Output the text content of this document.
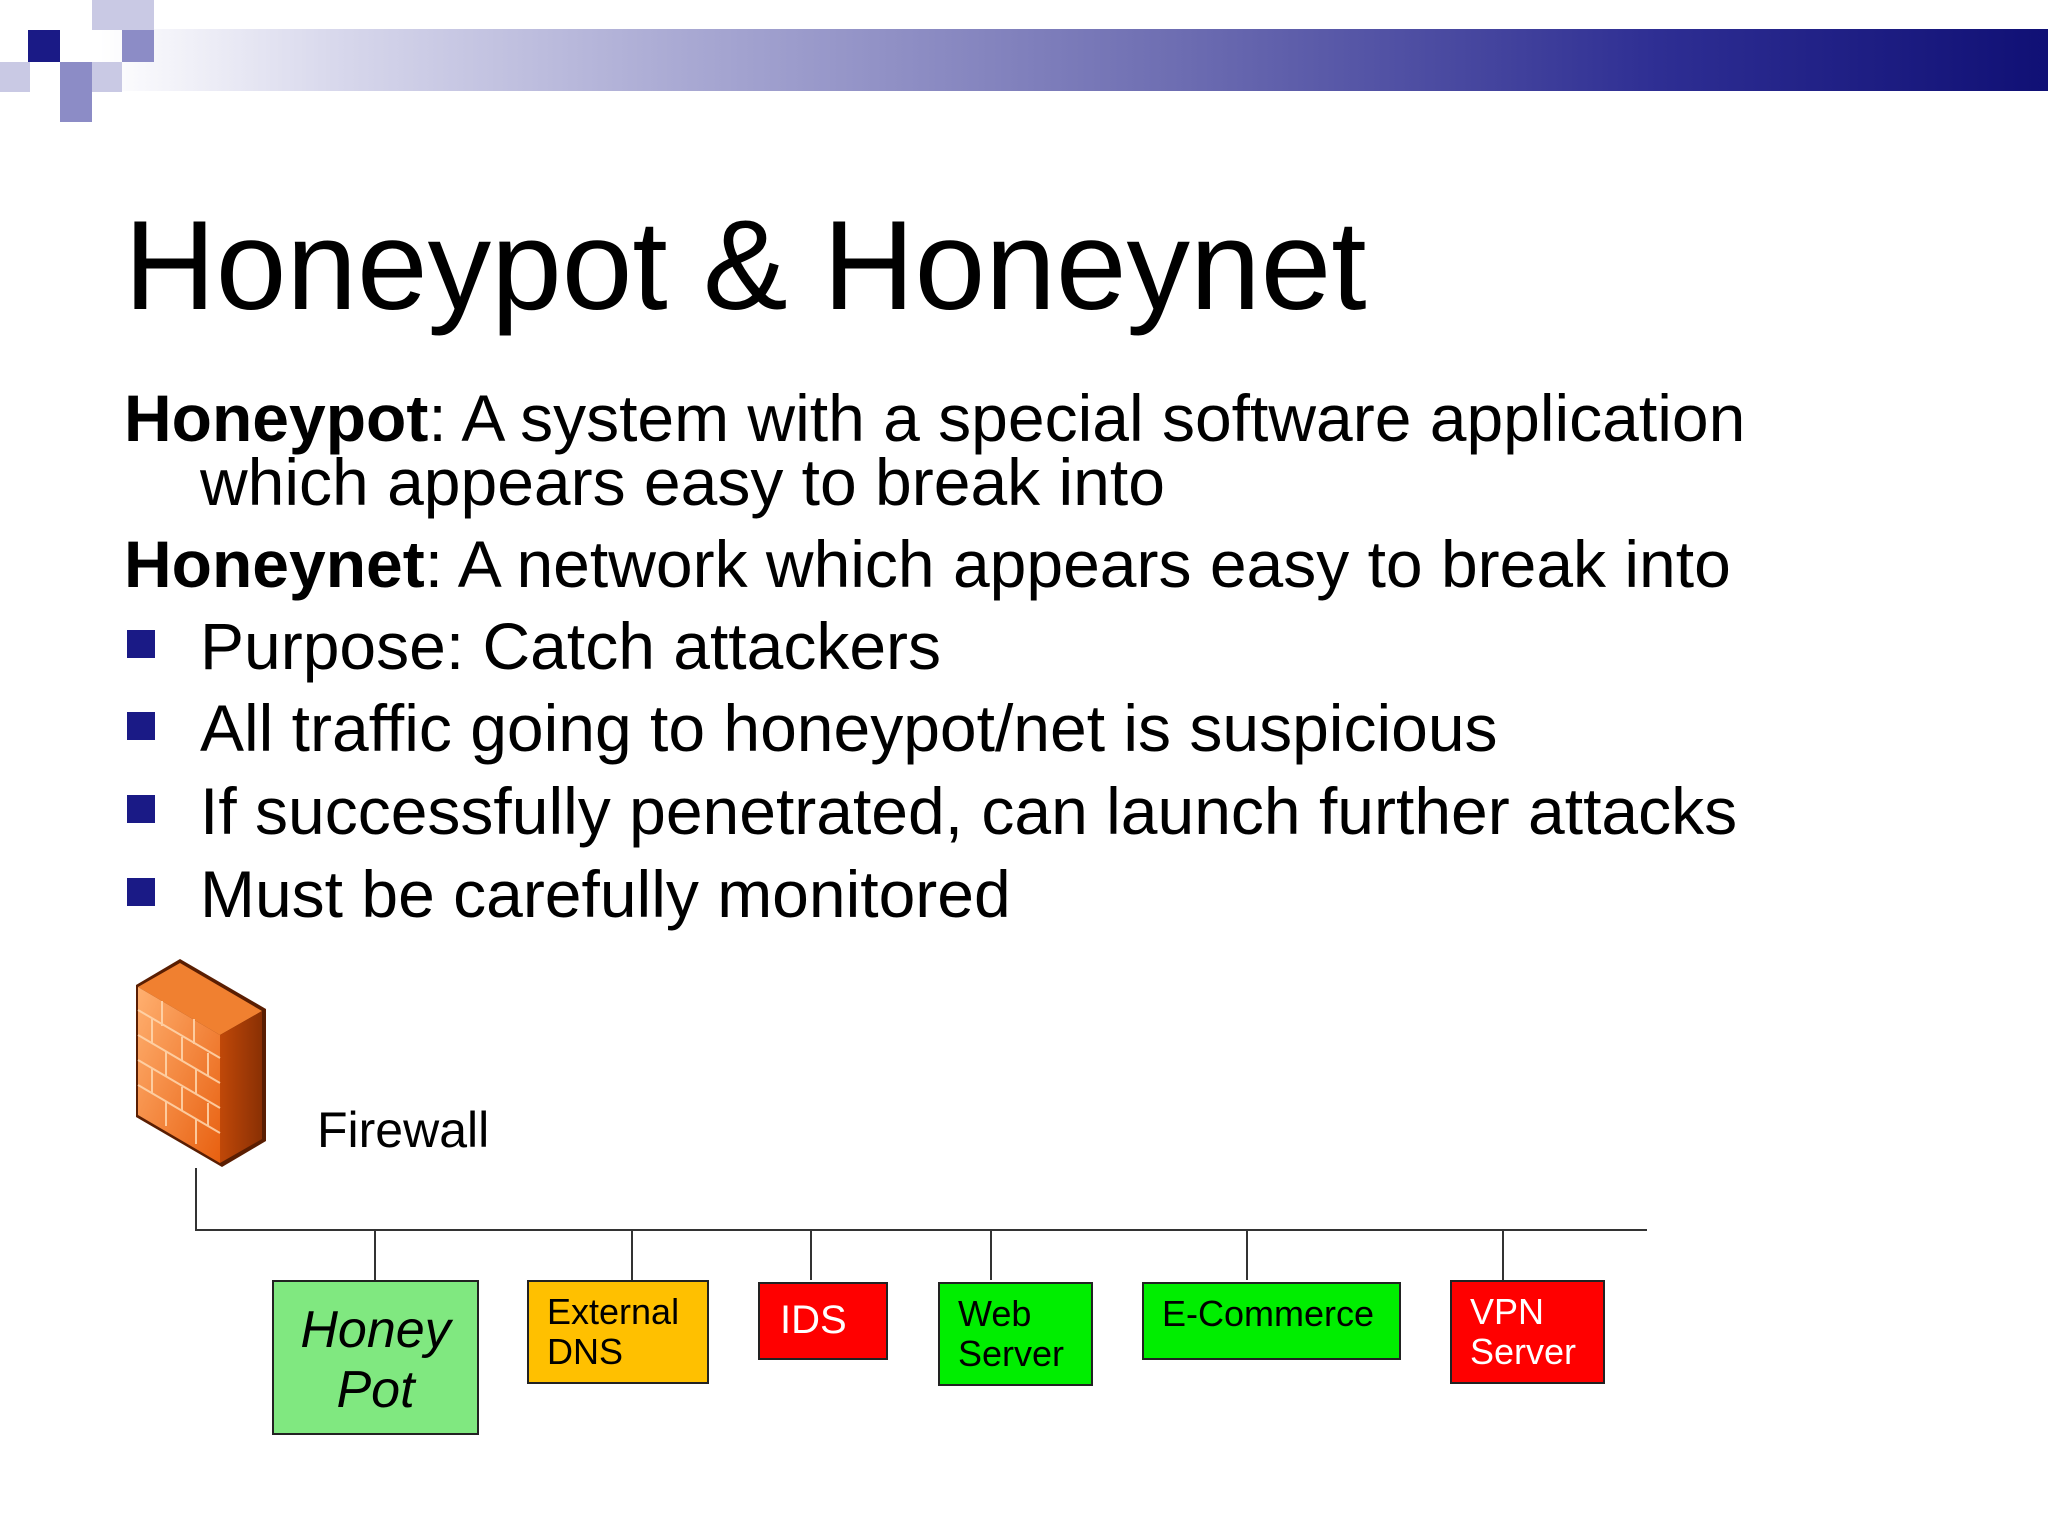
Honeypot & Honeynet
Honeypot: A system with a special software application
which appears easy to break into
Honeynet: A network which appears easy to break into
Purpose: Catch attackers
All traffic going to honeypot/net is suspicious
If successfully penetrated, can launch further attacks
Must be carefully monitored
Firewall
Honey
Pot
External
DNS
IDS	Web
Server
E-Commerce	VPN
Server
